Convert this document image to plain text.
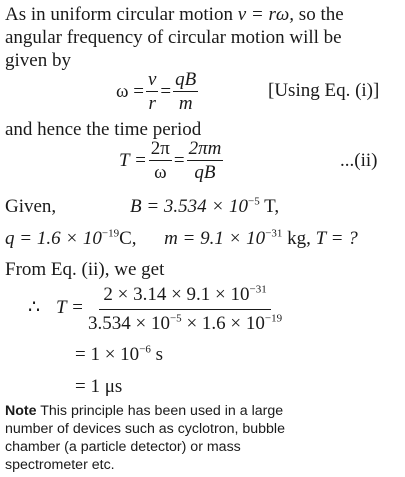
As in uniform circular motion v = rω, so the
angular frequency of circular motion will be
given by
$\omega = \frac{v}{r} = \frac{qB}{m}$	[Using Eq. (i)]
and hence the time period
$T = \frac{2\pi}{\omega} = \frac{2\pi m}{qB}$	...(ii)
Given,	$B = 3.534 \times 10^{-5}$ T,
$q = 1.6 \times 10^{-19}C$, $m = 9.1 \times 10^{-31}$ kg, T = ?
From Eq. (ii), we get
∴ $T = \frac{2 \times 3.14 \times 9.1 \times 10^{-31}}{3.534 \times 10^{-5} \times 1.6 \times 10^{-19}}$
= $1 \times 10^{-6}$ s
= 1 μs
Note This principle has been used in a large
number of devices such as cyclotron, bubble
chamber (a particle detector) or mass
spectrometer etc.
